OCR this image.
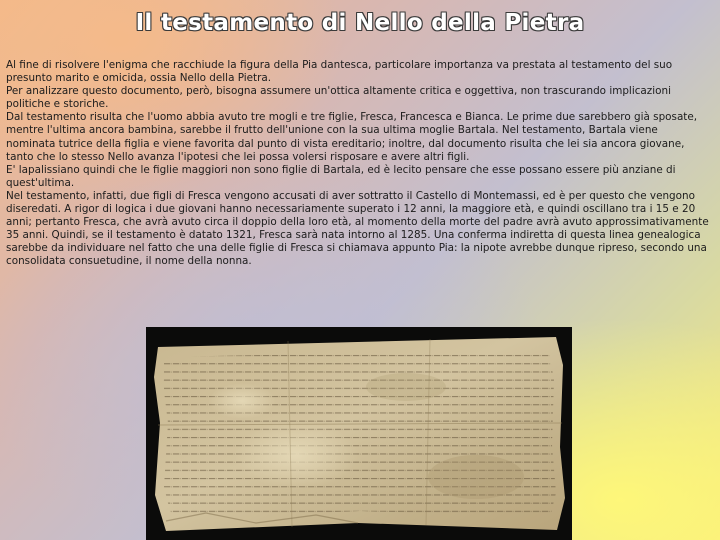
Il testamento di Nello della Pietra

Al fine di risolvere l'enigma che racchiude la figura della Pia dantesca, particolare importanza va prestata al testamento del suo presunto marito e omicida, ossia Nello della Pietra.

Per analizzare questo documento, però, bisogna assumere un'ottica altamente critica e oggettiva, non trascurando implicazioni politiche e storiche.

Dal testamento risulta che l'uomo abbia avuto tre mogli e tre figlie, Fresca, Francesca e Bianca. Le prime due sarebbero già sposate, mentre l'ultima ancora bambina, sarebbe il frutto dell'unione con la sua ultima moglie Bartala. Nel testamento, Bartala viene nominata tutrice della figlia e viene favorita dal punto di vista ereditario; inoltre, dal documento risulta che lei sia ancora giovane, tanto che lo stesso Nello avanza l'ipotesi che lei possa volersi risposare e avere altri figli.

E' lapalissiano quindi che le figlie maggiori non sono figlie di Bartala, ed è lecito pensare che esse possano essere più anziane di quest'ultima.

Nel testamento, infatti, due figli di Fresca vengono accusati di aver sottratto il Castello di Montemassi, ed è per questo che vengono diseredati. A rigor di logica i due giovani hanno necessariamente superato i 12 anni, la maggiore età, e quindi oscillano tra i 15 e 20 anni; pertanto Fresca, che avrà avuto circa il doppio della loro età, al momento della morte del padre avrà avuto approssimativamente 35 anni. Quindi, se il testamento è datato 1321, Fresca sarà nata intorno al 1285. Una conferma indiretta di questa linea genealogica sarebbe da individuare nel fatto che una delle figlie di Fresca si chiamava appunto Pia: la nipote avrebbe dunque ripreso, secondo una consolidata consuetudine, il nome della nonna.
